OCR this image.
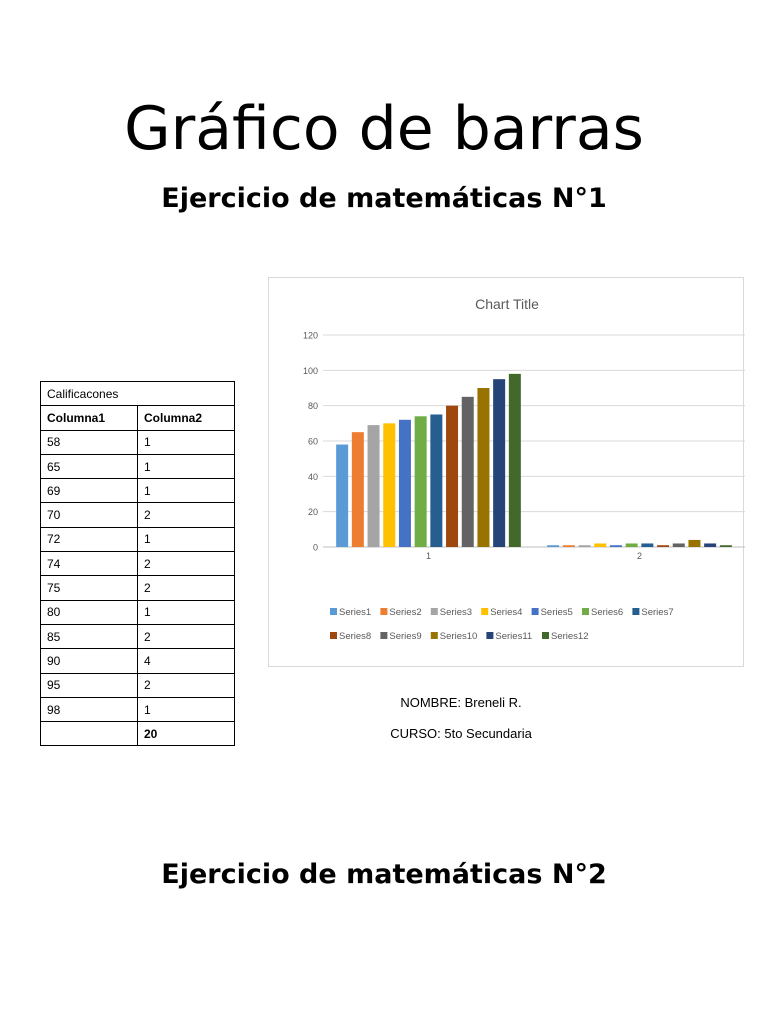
Gráfico de barras
Ejercicio de matemáticas N°1
Calificacones	
Columna1	Columna2
58	1
65	1
69	1
70	2
72	1
74	2
75	2
80	1
85	2
90	4
95	2
98	1
	20
Chart Title
0
20
40
60
80
100
120
1	2
Series1 Series2 Series3 Series4 Series5 Series6 Series7
Series8 Series9 Series10 Series11 Series12
NOMBRE: Breneli R.
CURSO: 5to Secundaria
Ejercicio de matemáticas N°2
